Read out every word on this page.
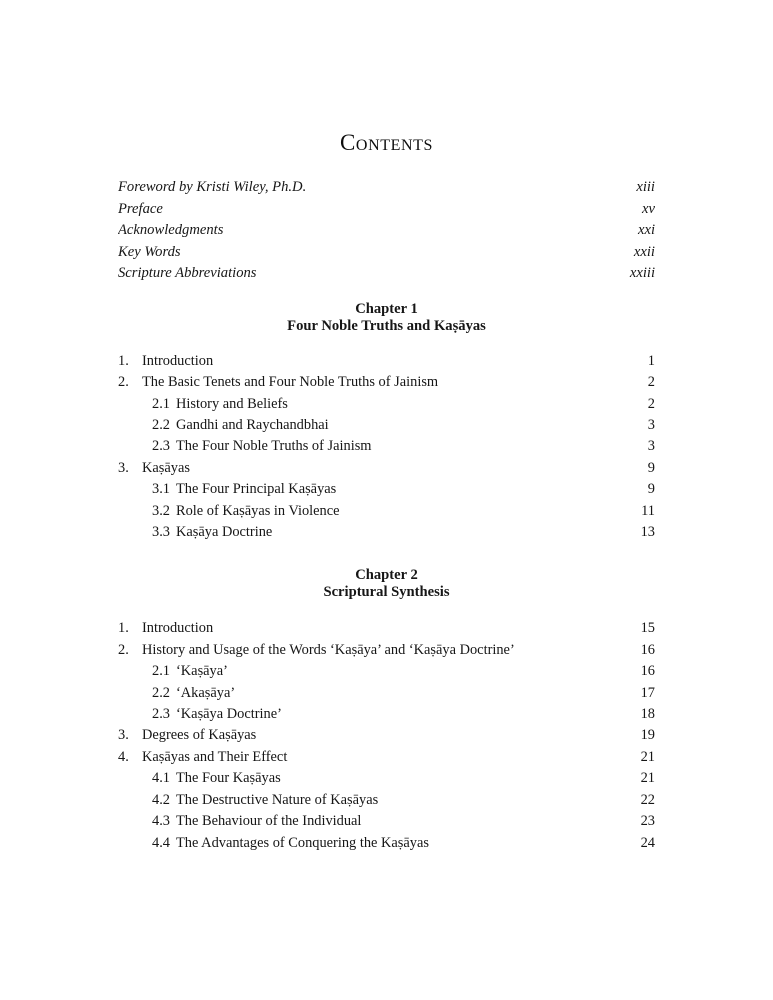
Contents
Foreword by Kristi Wiley, Ph.D.	xiii
Preface	xv
Acknowledgments	xxi
Key Words	xxii
Scripture Abbreviations	xxiii
Chapter 1
Four Noble Truths and Kaṣāyas
1. Introduction	1
2. The Basic Tenets and Four Noble Truths of Jainism	2
2.1 History and Beliefs	2
2.2 Gandhi and Raychandbhai	3
2.3 The Four Noble Truths of Jainism	3
3. Kaṣāyas	9
3.1 The Four Principal Kaṣāyas	9
3.2 Role of Kaṣāyas in Violence	11
3.3 Kaṣāya Doctrine	13
Chapter 2
Scriptural Synthesis
1. Introduction	15
2. History and Usage of the Words ‘Kaṣāya’ and ‘Kaṣāya Doctrine’	16
2.1 ‘Kaṣāya’	16
2.2 ‘Akaṣāya’	17
2.3 ‘Kaṣāya Doctrine’	18
3. Degrees of Kaṣāyas	19
4. Kaṣāyas and Their Effect	21
4.1 The Four Kaṣāyas	21
4.2 The Destructive Nature of Kaṣāyas	22
4.3 The Behaviour of the Individual	23
4.4 The Advantages of Conquering the Kaṣāyas	24
